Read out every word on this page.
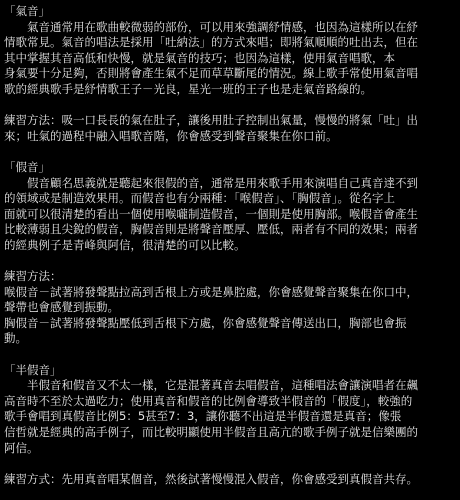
「氣音」
　　氣音通常用在歌曲較微弱的部份，可以用來強調紓情感，也因為這樣所以在紓
情歌常見。氣音的唱法是採用「吐納法」的方式來唱；即將氣順順的吐出去，但在
其中掌握其音高低和快慢，就是氣音的技巧；也因為這樣，使用氣音唱歌，本
身氣要十分足夠，否則將會產生氣不足而草草斷尾的情況。線上歌手常使用氣音唱
歌的經典歌手是紓情歌王子－光良，星光一班的王子也是走氣音路線的。
練習方法：吸一口長長的氣在肚子，讓後用肚子控制出氣量，慢慢的將氣「吐」出
來；吐氣的過程中融入唱歌音階，你會感受到聲音聚集在你口前。
「假音」
　　假音顧名思義就是聽起來很假的音，通常是用來歌手用來演唱自己真音達不到
的領域或是制造效果用。而假音也有分兩種：「喉假音」、「胸假音」。從名字上
面就可以很清楚的看出一個使用喉嚨制造假音，一個則是使用胸部。喉假音會產生
比較薄弱且尖銳的假音，胸假音則是將聲音壓厚、壓低，兩者有不同的效果；兩者
的經典例子是青峰與阿信，很清楚的可以比較。
練習方法：
喉假音－試著將發聲點拉高到舌根上方或是鼻腔處，你會感覺聲音聚集在你口中，
聲帶也會感覺到振動。
胸假音－試著將發聲點壓低到舌根下方處，你會感覺聲音傳送出口，胸部也會振
動。
「半假音」
　　半假音和假音又不太一樣，它是混著真音去唱假音，這種唱法會讓演唱者在飆
高音時不至於太過吃力；使用真音和假音的比例會導致半假音的「假度」，較強的
歌手會唱到真假音比例5：5甚至7：3，讓你聽不出這是半假音還是真音；像張
信哲就是經典的高手例子，而比較明顯使用半假音且高亢的歌手例子就是信樂團的
阿信。
練習方式：先用真音唱某個音，然後試著慢慢混入假音，你會感受到真假音共存。
